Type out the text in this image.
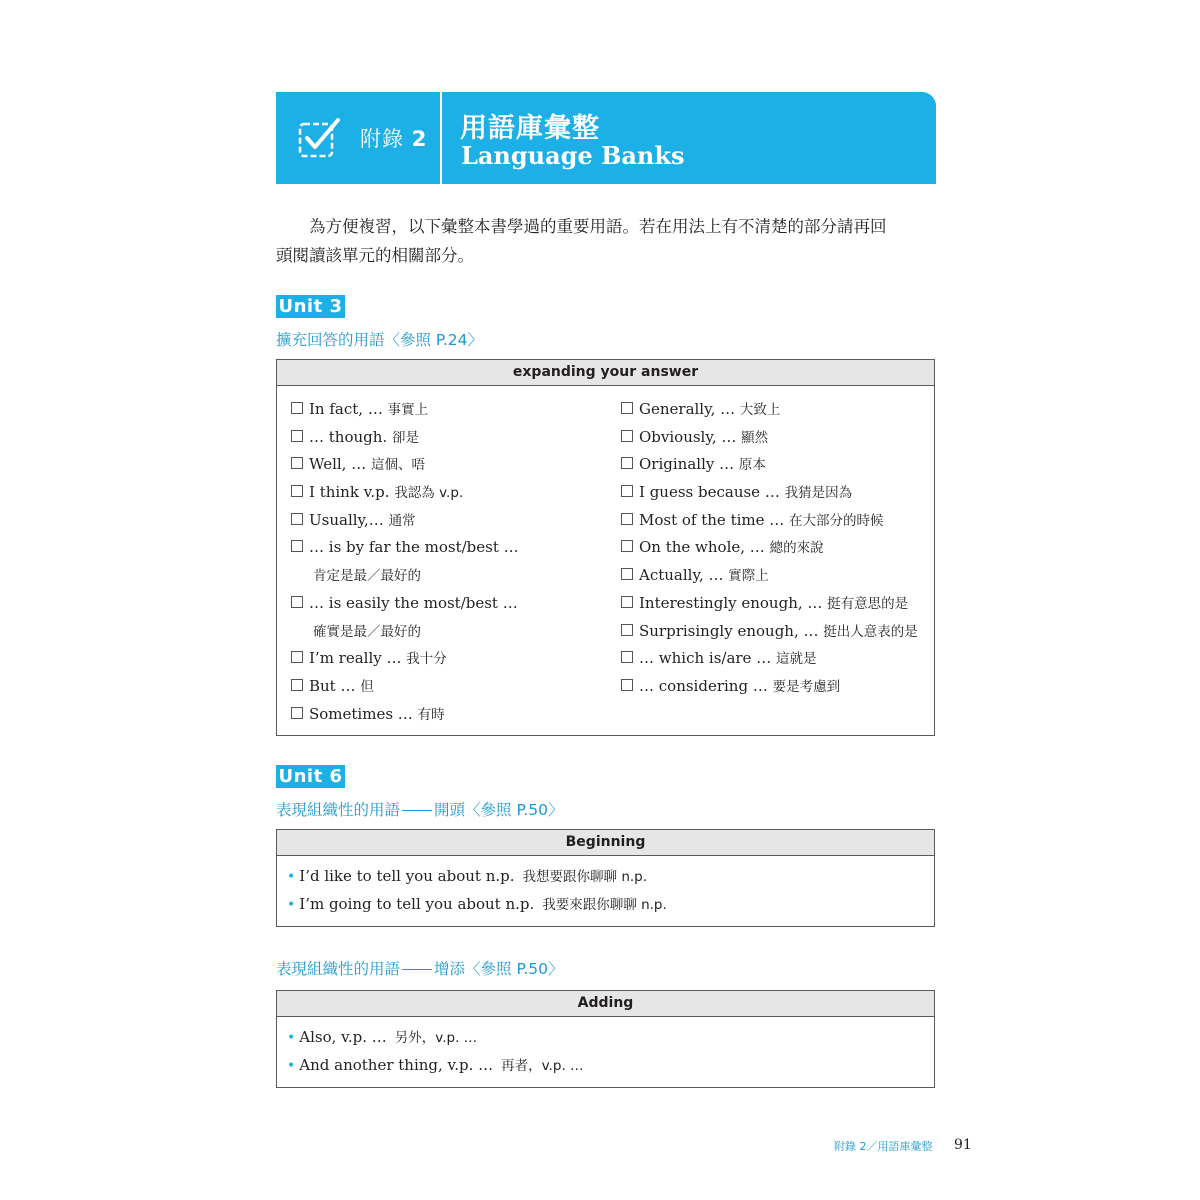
附錄 2 用語庫彙整
Language Banks
為方便複習，以下彙整本書學過的重要用語。若在用法上有不清楚的部分請再回
頭閱讀該單元的相關部分。
Unit 3
擴充回答的用語〈參照 P.24〉
expanding your answer
In fact, … 事實上
… though. 卻是
Well, … 這個、唔
I think v.p. 我認為 v.p.
Usually,… 通常
… is by far the most/best …
肯定是最／最好的
… is easily the most/best …
確實是最／最好的
I’m really … 我十分
But … 但
Sometimes … 有時
Generally, … 大致上
Obviously, … 顯然
Originally … 原本
I guess because … 我猜是因為
Most of the time … 在大部分的時候
On the whole, … 總的來說
Actually, … 實際上
Interestingly enough, … 挺有意思的是
Surprisingly enough, … 挺出人意表的是
… which is/are … 這就是
… considering … 要是考慮到
Unit 6
表現組織性的用語 開頭〈參照 P.50〉
Beginning
• I’d like to tell you about n.p. 我想要跟你聊聊 n.p.
• I’m going to tell you about n.p. 我要來跟你聊聊 n.p.
表現組織性的用語 增添〈參照 P.50〉
Adding
• Also, v.p. … 另外，v.p. …
• And another thing, v.p. … 再者，v.p. …
附錄 2／用語庫彙整 91
